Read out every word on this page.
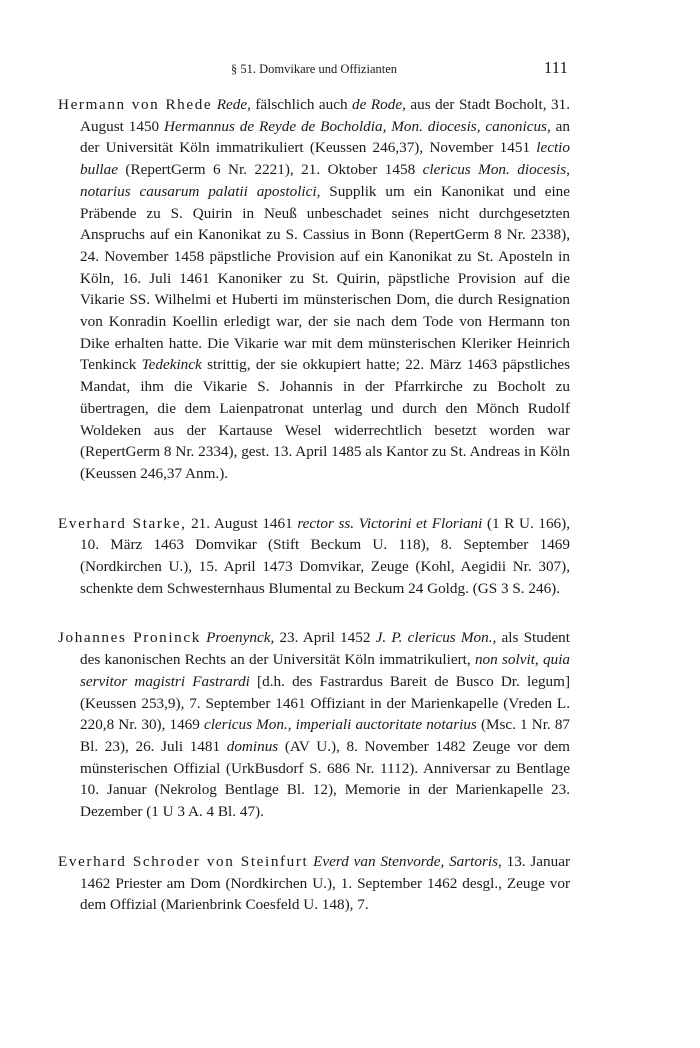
§ 51. Domvikare und Offizianten	111

Hermann von Rhede Rede, fälschlich auch de Rode, aus der Stadt Bocholt, 31. August 1450 Hermannus de Reyde de Bocholdia, Mon. diocesis, canonicus, an der Universität Köln immatrikuliert (Keussen 246,37), November 1451 lectio bullae (RepertGerm 6 Nr. 2221), 21. Oktober 1458 clericus Mon. diocesis, notarius causarum palatii apostolici, Supplik um ein Kanonikat und eine Präbende zu S. Quirin in Neuß unbeschadet seines nicht durchgesetzten Anspruchs auf ein Kanonikat zu S. Cassius in Bonn (RepertGerm 8 Nr. 2338), 24. November 1458 päpstliche Provision auf ein Kanonikat zu St. Aposteln in Köln, 16. Juli 1461 Kanoniker zu St. Quirin, päpstliche Provision auf die Vikarie SS. Wilhelmi et Huberti im münsterischen Dom, die durch Resignation von Konradin Koellin erledigt war, der sie nach dem Tode von Hermann ton Dike erhalten hatte. Die Vikarie war mit dem münsterischen Kleriker Heinrich Tenkinck Tedekinck strittig, der sie okkupiert hatte; 22. März 1463 päpstliches Mandat, ihm die Vikarie S. Johannis in der Pfarrkirche zu Bocholt zu übertragen, die dem Laienpatronat unterlag und durch den Mönch Rudolf Woldeken aus der Kartause Wesel widerrechtlich besetzt worden war (RepertGerm 8 Nr. 2334), gest. 13. April 1485 als Kantor zu St. Andreas in Köln (Keussen 246,37 Anm.).

Everhard Starke, 21. August 1461 rector ss. Victorini et Floriani (1 R U. 166), 10. März 1463 Domvikar (Stift Beckum U. 118), 8. September 1469 (Nordkirchen U.), 15. April 1473 Domvikar, Zeuge (Kohl, Aegidii Nr. 307), schenkte dem Schwesternhaus Blumental zu Beckum 24 Goldg. (GS 3 S. 246).

Johannes Proninck Proenynck, 23. April 1452 J. P. clericus Mon., als Student des kanonischen Rechts an der Universität Köln immatrikuliert, non solvit, quia servitor magistri Fastrardi [d.h. des Fastrardus Bareit de Busco Dr. legum] (Keussen 253,9), 7. September 1461 Offiziant in der Marienkapelle (Vreden L. 220,8 Nr. 30), 1469 clericus Mon., imperiali auctoritate notarius (Msc. 1 Nr. 87 Bl. 23), 26. Juli 1481 dominus (AV U.), 8. November 1482 Zeuge vor dem münsterischen Offizial (UrkBusdorf S. 686 Nr. 1112). Anniversar zu Bentlage 10. Januar (Nekrolog Bentlage Bl. 12), Memorie in der Marienkapelle 23. Dezember (1 U 3 A. 4 Bl. 47).

Everhard Schroder von Steinfurt Everd van Stenvorde, Sartoris, 13. Januar 1462 Priester am Dom (Nordkirchen U.), 1. September 1462 desgl., Zeuge vor dem Offizial (Marienbrink Coesfeld U. 148), 7.
